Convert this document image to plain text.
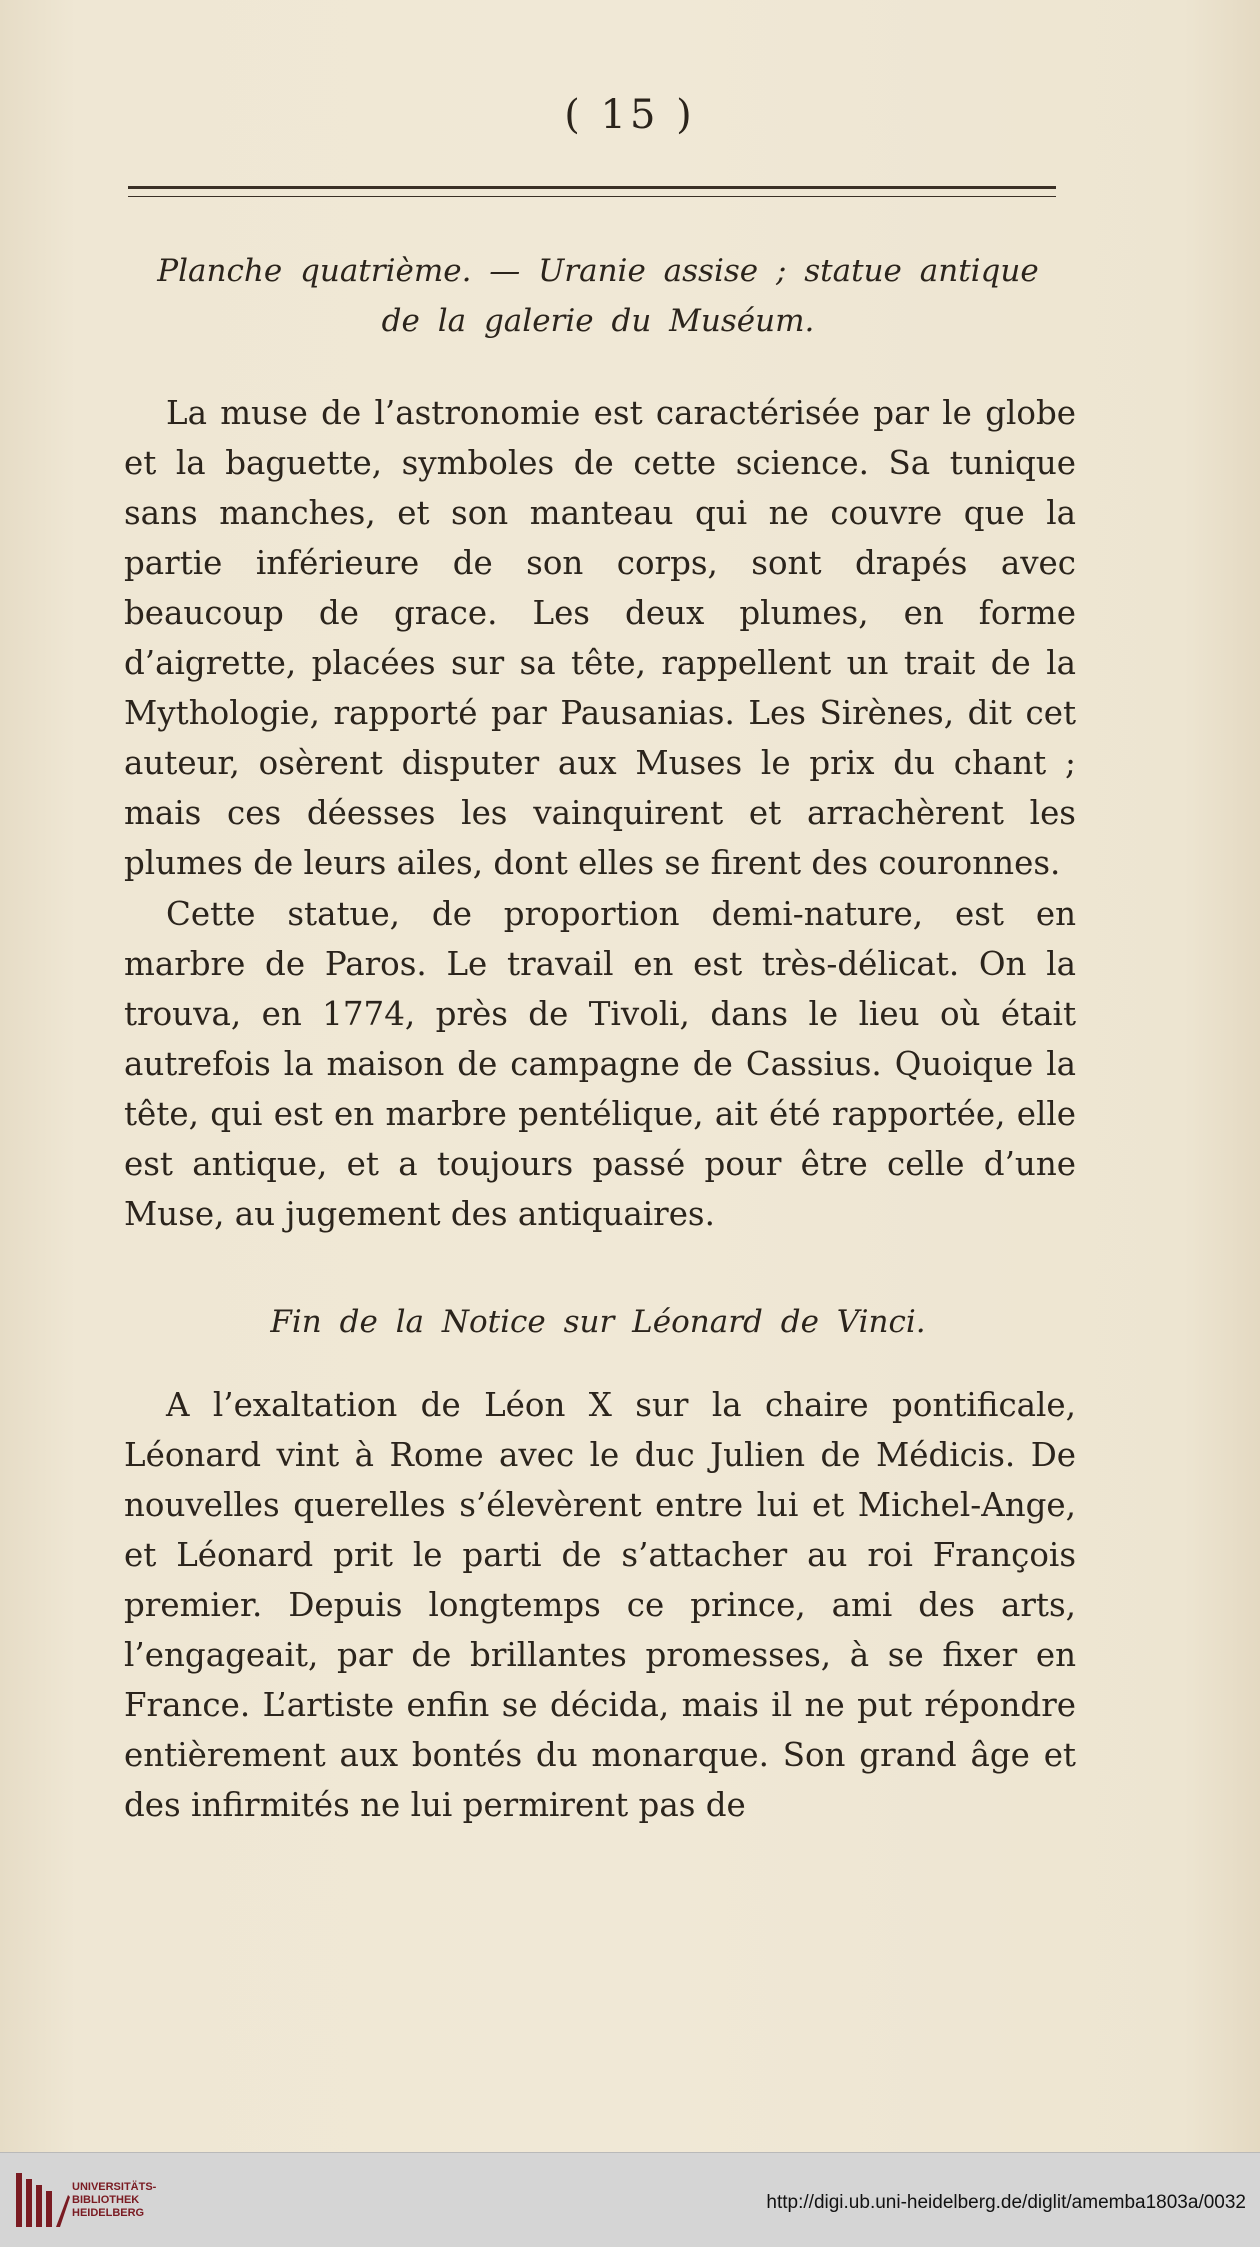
( 15 )
Planche quatrième. — Uranie assise ; statue antique
de la galerie du Muséum.

La muse de l’astronomie est caractérisée par le globe et la baguette, symboles de cette science. Sa tunique sans manches, et son manteau qui ne couvre que la partie inférieure de son corps, sont drapés avec beaucoup de grace. Les deux plumes, en forme d’aigrette, placées sur sa tête, rappellent un trait de la Mythologie, rapporté par Pausanias. Les Sirènes, dit cet auteur, osèrent disputer aux Muses le prix du chant ; mais ces déesses les vainquirent et arrachèrent les plumes de leurs ailes, dont elles se firent des couronnes.

Cette statue, de proportion demi-nature, est en marbre de Paros. Le travail en est très-délicat. On la trouva, en 1774, près de Tivoli, dans le lieu où était autrefois la maison de campagne de Cassius. Quoique la tête, qui est en marbre pentélique, ait été rapportée, elle est antique, et a toujours passé pour être celle d’une Muse, au jugement des antiquaires.

Fin de la Notice sur Léonard de Vinci.

A l’exaltation de Léon X sur la chaire pontificale, Léonard vint à Rome avec le duc Julien de Médicis. De nouvelles querelles s’élevèrent entre lui et Michel-Ange, et Léonard prit le parti de s’attacher au roi François premier. Depuis longtemps ce prince, ami des arts, l’engageait, par de brillantes promesses, à se fixer en France. L’artiste enfin se décida, mais il ne put répondre entièrement aux bontés du monarque. Son grand âge et des infirmités ne lui permirent pas de

UNIVERSITÄTS-
BIBLIOTHEK
HEIDELBERG	http://digi.ub.uni-heidelberg.de/diglit/amemba1803a/0032
